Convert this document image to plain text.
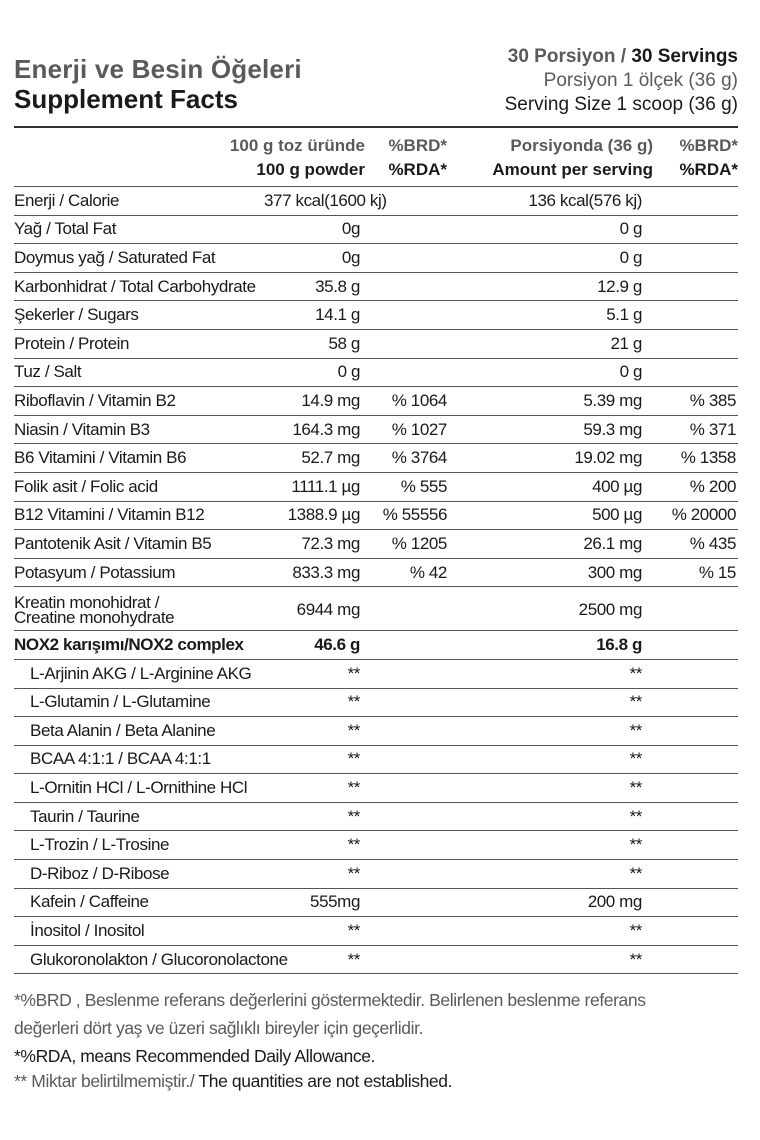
Enerji ve Besin Öğeleri
Supplement Facts
30 Porsiyon / 30 Servings
Porsiyon 1 ölçek (36 g)
Serving Size 1 scoop (36 g)
100 g toz üründe
100 g powder
%BRD*
%RDA*
Porsiyonda (36 g)
Amount per serving
%BRD*
%RDA*
Enerji / Calorie	377 kcal(1600 kj)		136 kcal(576 kj)	
Yağ / Total Fat	0g		0 g	
Doymus yağ / Saturated Fat	0g		0 g	
Karbonhidrat / Total Carbohydrate	35.8 g		12.9 g	
Şekerler / Sugars	14.1 g		5.1 g	
Protein / Protein	58 g		21 g	
Tuz / Salt	0 g		0 g	
Riboflavin / Vitamin B2	14.9 mg	% 1064	5.39 mg	% 385
Niasin / Vitamin B3	164.3 mg	% 1027	59.3 mg	% 371
B6 Vitamini / Vitamin B6	52.7 mg	% 3764	19.02 mg	% 1358
Folik asit / Folic acid	1111.1 µg	% 555	400 µg	% 200
B12 Vitamini / Vitamin B12	1388.9 µg	% 55556	500 µg	% 20000
Pantotenik Asit / Vitamin B5	72.3 mg	% 1205	26.1 mg	% 435
Potasyum / Potassium	833.3 mg	% 42	300 mg	% 15

Kreatin monohidrat /
Creatine monohydrate	6944 mg		2500 mg	
NOX2 karışımı/NOX2 complex	46.6 g		16.8 g	
L-Arjinin AKG / L-Arginine AKG	**		**	
L-Glutamin / L-Glutamine	**		**	
Beta Alanin / Beta Alanine	**		**	
BCAA 4:1:1 / BCAA 4:1:1	**		**	
L-Ornitin HCl / L-Ornithine HCl	**		**	
Taurin / Taurine	**		**	
L-Trozin / L-Trosine	**		**	
D-Riboz / D-Ribose	**		**	
Kafein / Caffeine	555mg		200 mg	
İnositol / Inositol	**		**	
Glukoronolakton / Glucoronolactone	**		**	
*%BRD , Beslenme referans değerlerini göstermektedir. Belirlenen beslenme referans
değerleri dört yaş ve üzeri sağlıklı bireyler için geçerlidir.
*%RDA, means Recommended Daily Allowance.
** Miktar belirtilmemiştir./ The quantities are not established.
